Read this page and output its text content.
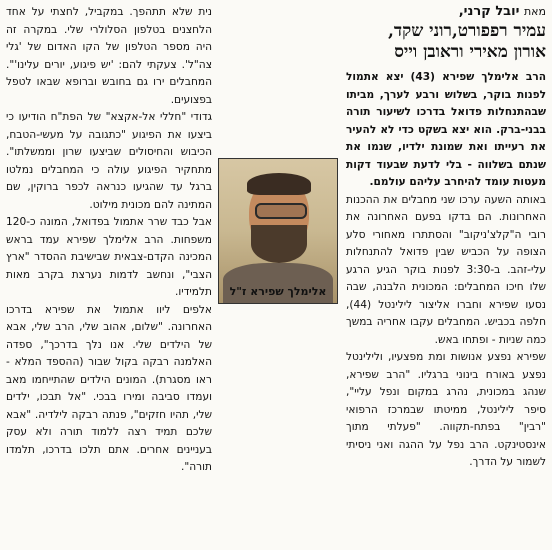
מאת יובל קרני,
עמיר רפפורט,רוני שקד,
אורון מאירי וראובן וייס

הרב אלימלך שפירא (43) יצא אתמול לפנות בוקר, בשלוש ורבע לערך, מביתו שבהתנחלות פדואל בדרכו לשיעור תורה בבני-ברק. הוא יצא בשקט כדי לא להעיר את רעייתו ואת שמונת ילדיו, שנמו את שנתם בשלווה - בלי לדעת שבעוד דקות מעטות עומד להיחרב עליהם עולמם.

באותה השעה ערכו שני מחבלים את ההכנות האחרונות. הם בדקו בפעם האחרונה את רובי ה"קלצ'ניקוב" והסתתרו מאחורי סלע הצופה על הכביש שבין פדואל להתנחלות עלי-זהב. ב-3:30 לפנות בוקר הגיע הרגע שלו חיכו המחבלים: המכונית הלבנה, שבה נסעו שפירא וחברו אליצור לילינטל (44), חלפה בכביש. המחבלים עקבו אחריה במשך כמה שניות - ופתחו באש.

שפירא נפצע אנושות ומת מפצעיו, ולילינטל נפצע באורח בינוני ברגליו. "הרב שפירא, שנהג במכונית, נהרג במקום ונפל עליי", סיפר לילינטל, ממיטתו שבמרכז הרפואי "רבין" בפתח-תקווה. "פעלתי מתוך אינסטינקט. הרב נפל על ההגה ואני ניסיתי לשמור על הדרך.

אלימלך שפירא ז"ל

נית שלא תתהפך. במקביל, לחצתי על אחד הלחצנים בטלפון הסלולרי שלי. במקרה זה היה מספר הטלפון של הקו האדום של 'גלי צה"ל'. צעקתי להם: 'יש פיגוע, יורים עלינו'". המחבלים ירו גם בחובש וברופא שבאו לטפל בפצועים.

גדודי "חללי אל-אקצא" של הפת"ח הודיעו כי ביצעו את הפיגוע "כתגובה על מעשי-הטבח, הכיבוש והחיסולים שביצעו שרון וממשלתו". מתחקיר הפיגוע עולה כי המחבלים נמלטו ברגל עד שהגיעו כנראה לכפר ברוקין, שם המתינה להם מכונית מילוט.

אבל כבד שרר אתמול בפדואל, המונה כ-120 משפחות. הרב אלימלך שפירא עמד בראש המכינה הקדם-צבאית שבישיבת ההסדר "ארץ הצבי", ונחשב לדמות נערצת בקרב מאות תלמידיו.

אלפים ליוו אתמול את שפירא בדרכו האחרונה. "שלום, אהוב שלי, הרב שלי, אבא של הילדים שלי. אנו נלך בדרכך", ספדה האלמנה רבקה בקול שבור (ההספד המלא - ראו מסגרת). המונים הילדים שהתייחמו מאב ועמדו סביבה ומירו בבכי. "אל תבכו, ילדים שלי, תהיו חזקים", פנתה רבקה לילדיה. "אבא שלכם תמיד רצה ללמוד תורה ולא עסק בעניינים אחרים. אתם תלכו בדרכו, תלמדו תורה".
